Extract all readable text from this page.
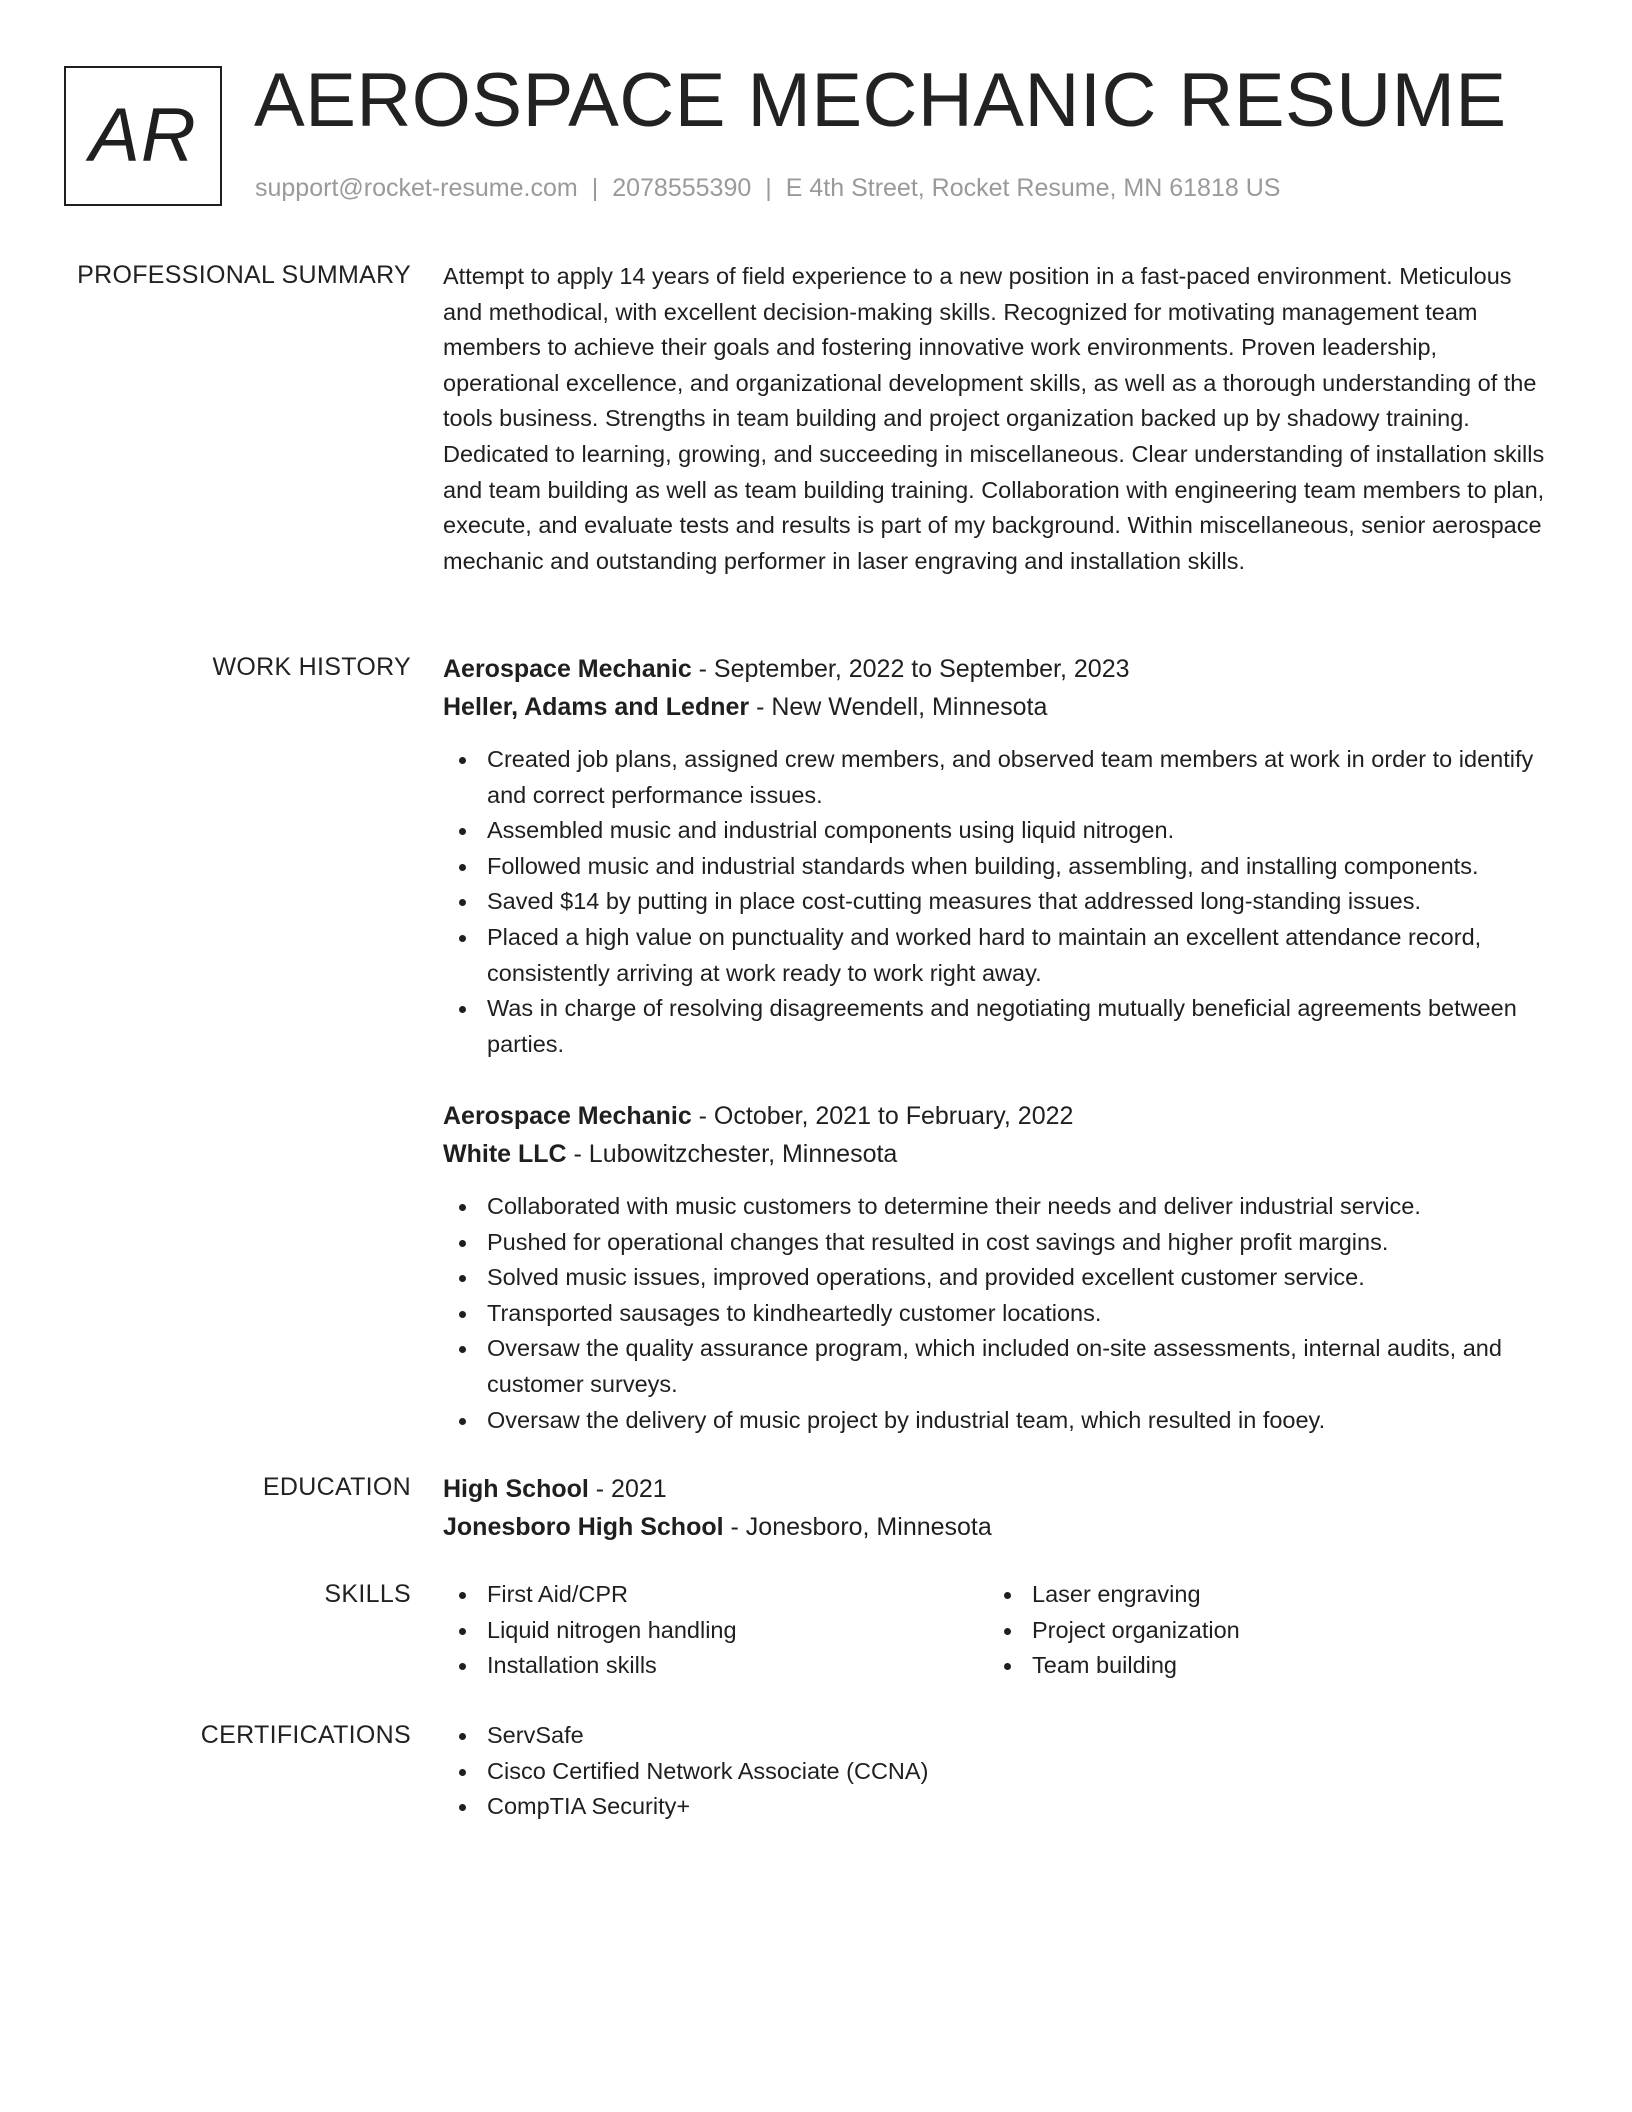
AR AEROSPACE MECHANIC RESUME
support@rocket-resume.com | 2078555390 | E 4th Street, Rocket Resume, MN 61818 US
PROFESSIONAL SUMMARY Attempt to apply 14 years of field experience to a new position in a fast-paced environment. Meticulous and methodical, with excellent decision-making skills. Recognized for motivating management team members to achieve their goals and fostering innovative work environments. Proven leadership, operational excellence, and organizational development skills, as well as a thorough understanding of the tools business. Strengths in team building and project organization backed up by shadowy training. Dedicated to learning, growing, and succeeding in miscellaneous. Clear understanding of installation skills and team building as well as team building training. Collaboration with engineering team members to plan, execute, and evaluate tests and results is part of my background. Within miscellaneous, senior aerospace mechanic and outstanding performer in laser engraving and installation skills.

WORK HISTORY Aerospace Mechanic - September, 2022 to September, 2023
Heller, Adams and Ledner - New Wendell, Minnesota
Created job plans, assigned crew members, and observed team members at work in order to identify and correct performance issues.
Assembled music and industrial components using liquid nitrogen.
Followed music and industrial standards when building, assembling, and installing components.
Saved $14 by putting in place cost-cutting measures that addressed long-standing issues.
Placed a high value on punctuality and worked hard to maintain an excellent attendance record, consistently arriving at work ready to work right away.
Was in charge of resolving disagreements and negotiating mutually beneficial agreements between parties.
Aerospace Mechanic - October, 2021 to February, 2022
White LLC - Lubowitzchester, Minnesota
Collaborated with music customers to determine their needs and deliver industrial service.
Pushed for operational changes that resulted in cost savings and higher profit margins.
Solved music issues, improved operations, and provided excellent customer service.
Transported sausages to kindheartedly customer locations.
Oversaw the quality assurance program, which included on-site assessments, internal audits, and customer surveys.
Oversaw the delivery of music project by industrial team, which resulted in fooey.
EDUCATION High School - 2021
Jonesboro High School - Jonesboro, Minnesota
SKILLS	First Aid/CPR
Liquid nitrogen handling
Installation skills
Laser engraving
Project organization
Team building
CERTIFICATIONS	ServSafe
Cisco Certified Network Associate (CCNA)
CompTIA Security+
